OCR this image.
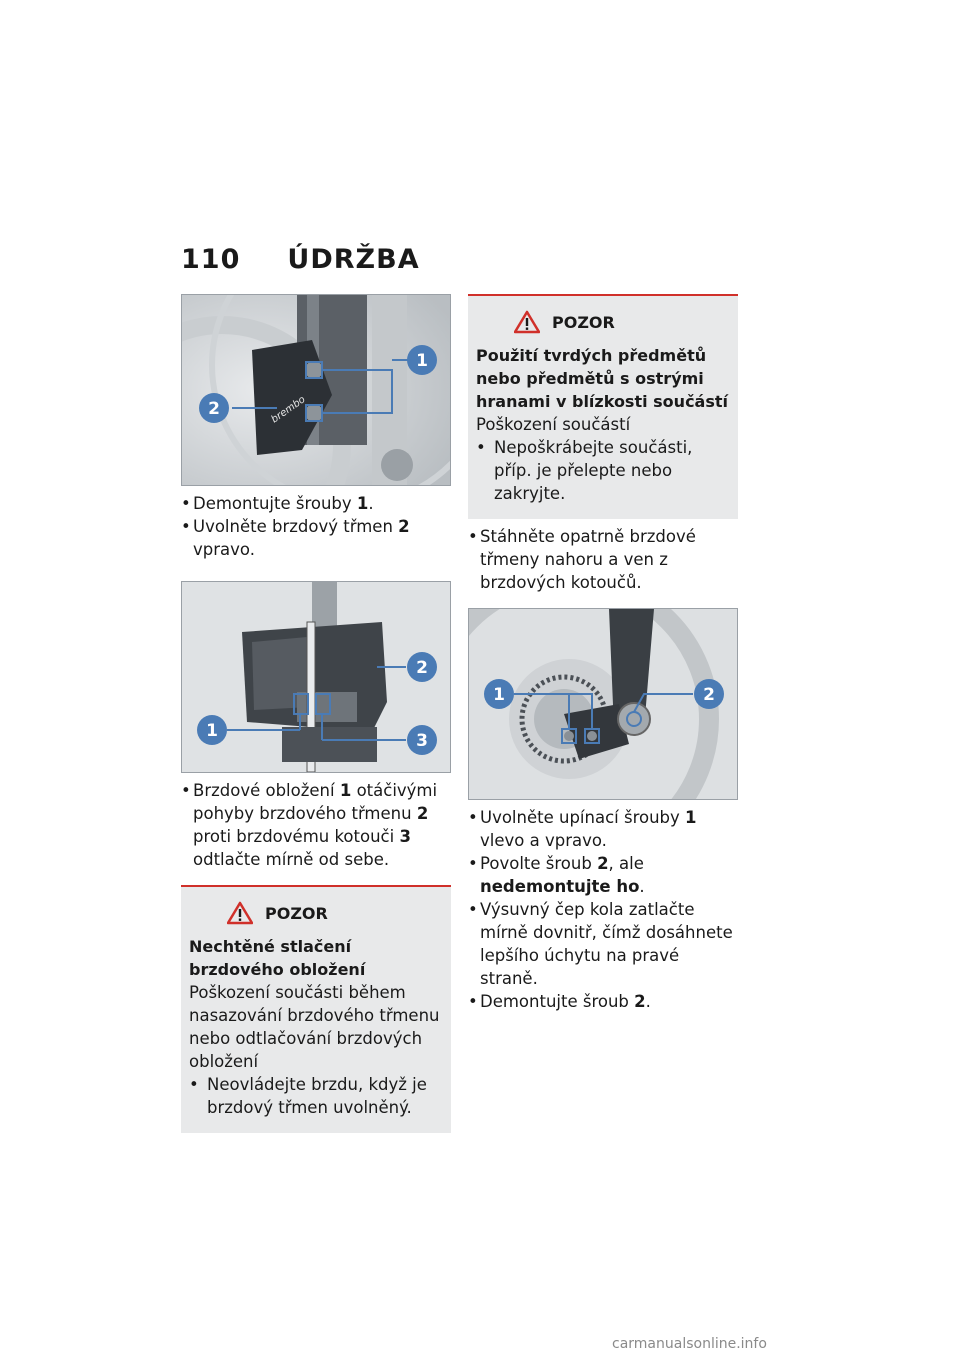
110 ÚDRŽBA
brembo
1
2
• Demontujte šrouby 1.
• Uvolněte brzdový třmen 2 vpravo.
1
2
3
• Brzdové obložení 1 otáčivými pohyby brzdového třmenu 2 proti brzdovému kotouči 3 odtlačte mírně od sebe.
POZOR
Nechtěné stlačení brzdového obložení
Poškození součásti během nasazování brzdového třmenu nebo odtlačování brzdových obložení
• Neovládejte brzdu, když je brzdový třmen uvolněný.
POZOR
Použití tvrdých předmětů nebo předmětů s ostrými hranami v blízkosti součástí
Poškození součástí
• Nepoškrábejte součásti, příp. je přelepte nebo zakryjte.
• Stáhněte opatrně brzdové třmeny nahoru a ven z brzdových kotoučů.
1	2
• Uvolněte upínací šrouby 1 vlevo a vpravo.
• Povolte šroub 2, ale nedemontujte ho.
• Výsuvný čep kola zatlačte mírně dovnitř, čímž dosáhnete lepšího úchytu na pravé straně.
• Demontujte šroub 2.
carmanualsonline.info
